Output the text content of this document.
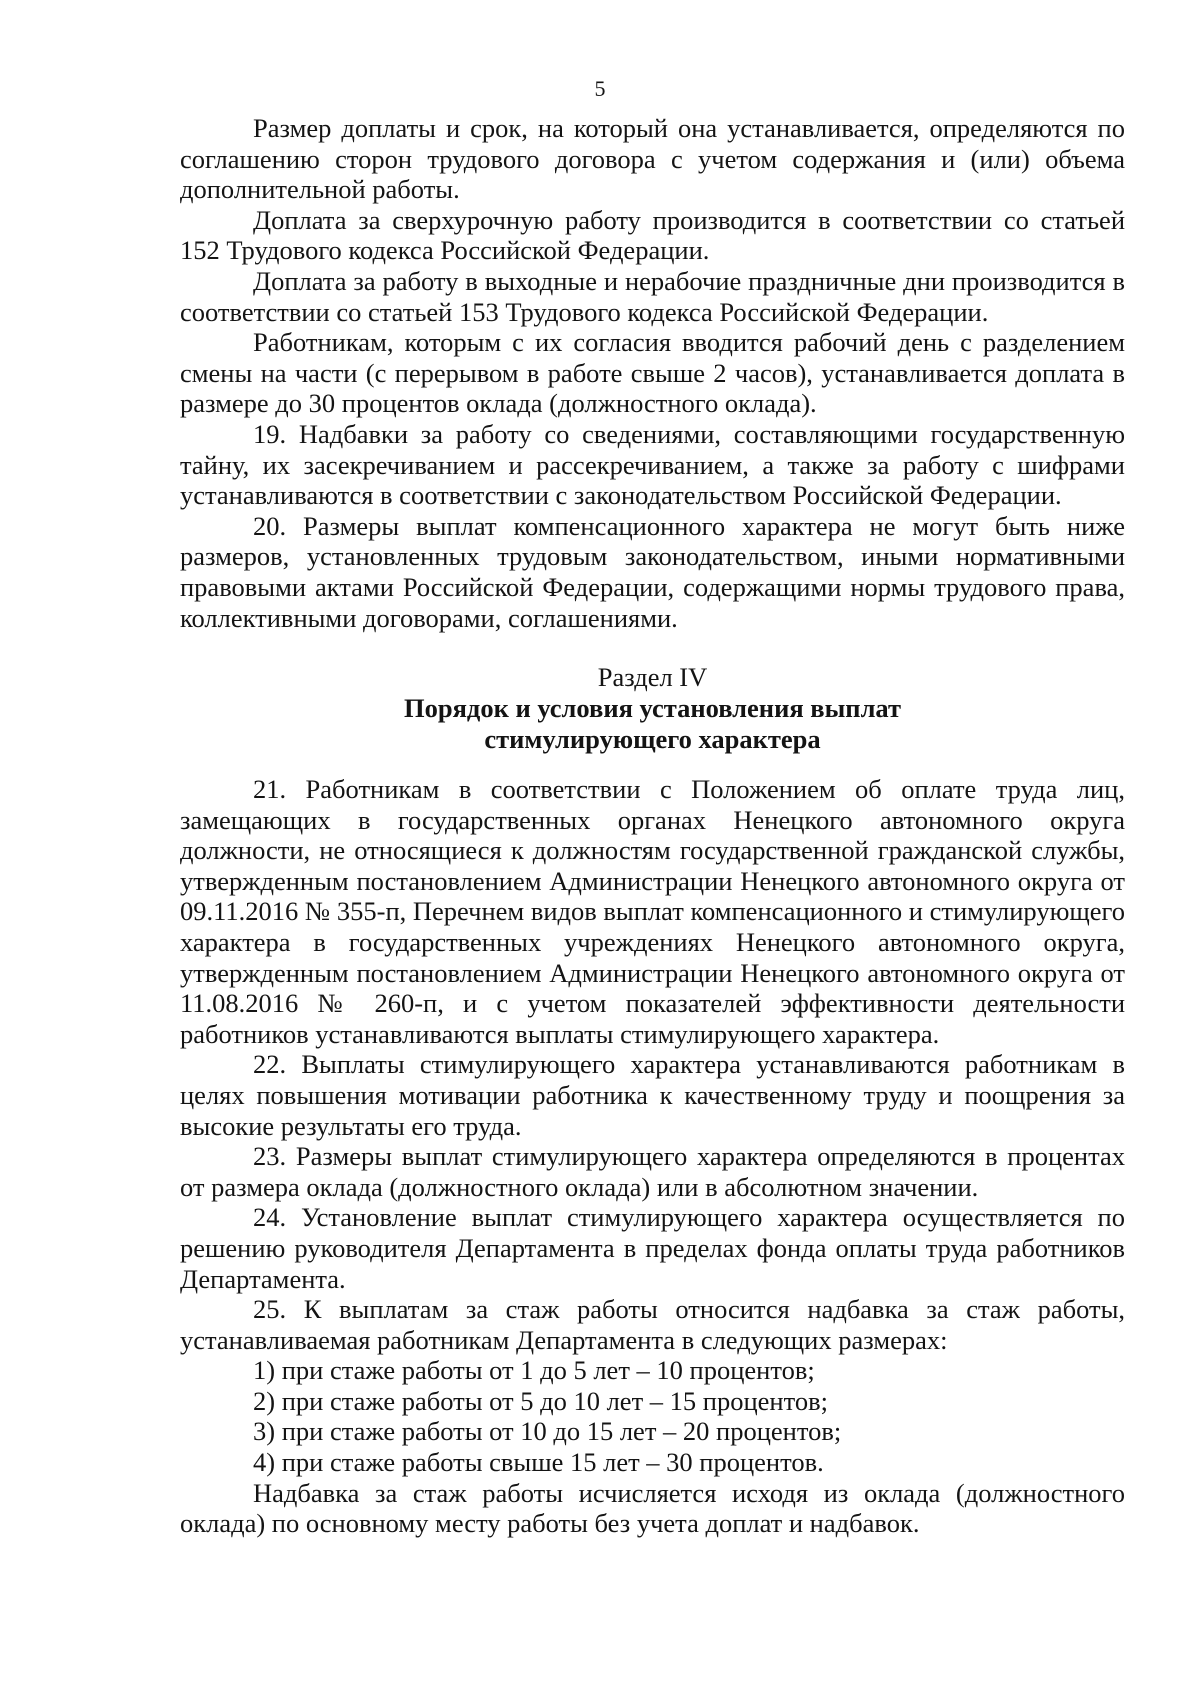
5

Размер доплаты и срок, на который она устанавливается, определяются по соглашению сторон трудового договора с учетом содержания и (или) объема дополнительной работы.

Доплата за сверхурочную работу производится в соответствии со статьей 152 Трудового кодекса Российской Федерации.

Доплата за работу в выходные и нерабочие праздничные дни производится в соответствии со статьей 153 Трудового кодекса Российской Федерации.

Работникам, которым с их согласия вводится рабочий день с разделением смены на части (с перерывом в работе свыше 2 часов), устанавливается доплата в размере до 30 процентов оклада (должностного оклада).

19. Надбавки за работу со сведениями, составляющими государственную тайну, их засекречиванием и рассекречиванием, а также за работу с шифрами устанавливаются в соответствии с законодательством Российской Федерации.

20. Размеры выплат компенсационного характера не могут быть ниже размеров, установленных трудовым законодательством, иными нормативными правовыми актами Российской Федерации, содержащими нормы трудового права, коллективными договорами, соглашениями.

Раздел IV
Порядок и условия установления выплат
стимулирующего характера

21. Работникам в соответствии с Положением об оплате труда лиц, замещающих в государственных органах Ненецкого автономного округа должности, не относящиеся к должностям государственной гражданской службы, утвержденным постановлением Администрации Ненецкого автономного округа от 09.11.2016 № 355-п, Перечнем видов выплат компенсационного и стимулирующего характера в государственных учреждениях Ненецкого автономного округа, утвержденным постановлением Администрации Ненецкого автономного округа от 11.08.2016 № 260-п, и с учетом показателей эффективности деятельности работников устанавливаются выплаты стимулирующего характера.

22. Выплаты стимулирующего характера устанавливаются работникам в целях повышения мотивации работника к качественному труду и поощрения за высокие результаты его труда.

23. Размеры выплат стимулирующего характера определяются в процентах от размера оклада (должностного оклада) или в абсолютном значении.

24. Установление выплат стимулирующего характера осуществляется по решению руководителя Департамента в пределах фонда оплаты труда работников Департамента.

25. К выплатам за стаж работы относится надбавка за стаж работы, устанавливаемая работникам Департамента в следующих размерах:

1) при стаже работы от 1 до 5 лет – 10 процентов;

2) при стаже работы от 5 до 10 лет – 15 процентов;

3) при стаже работы от 10 до 15 лет – 20 процентов;

4) при стаже работы свыше 15 лет – 30 процентов.

Надбавка за стаж работы исчисляется исходя из оклада (должностного оклада) по основному месту работы без учета доплат и надбавок.
